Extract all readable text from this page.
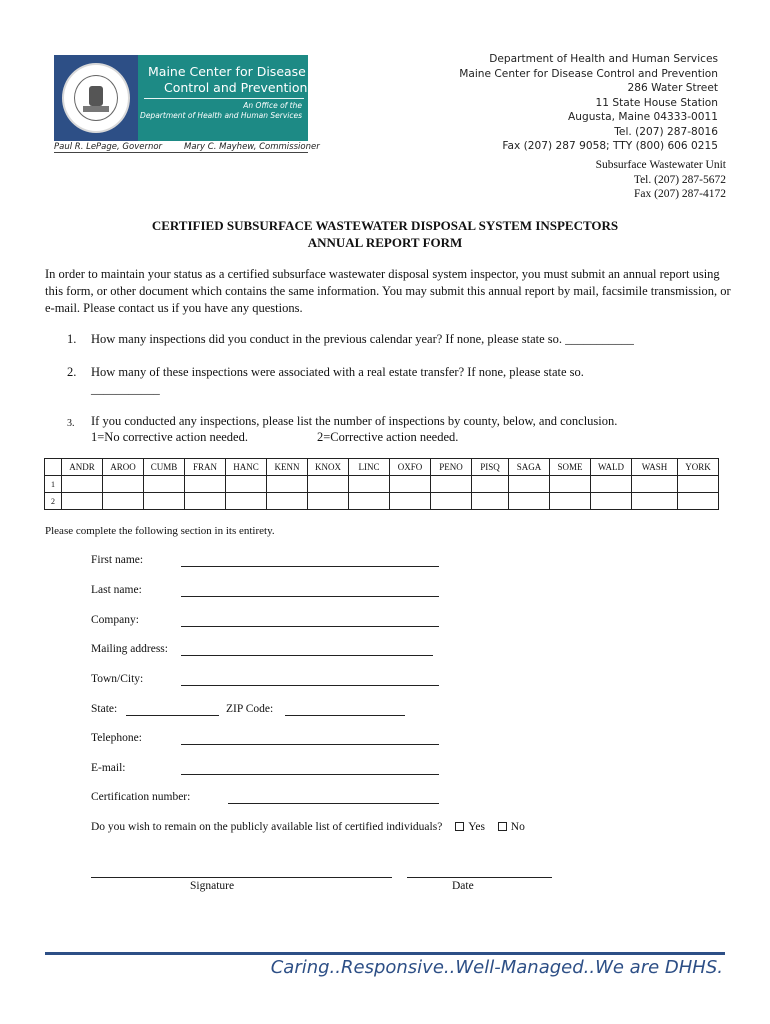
Maine Center for Disease
Control and Prevention
An Office of the
Department of Health and Human Services
Paul R. LePage, Governor	Mary C. Mayhew, Commissioner
Department of Health and Human Services
Maine Center for Disease Control and Prevention
286 Water Street
11 State House Station
Augusta, Maine 04333-0011
Tel. (207) 287-8016
Fax (207) 287 9058; TTY (800) 606 0215
Subsurface Wastewater Unit
Tel. (207) 287-5672
Fax (207) 287-4172
CERTIFIED SUBSURFACE WASTEWATER DISPOSAL SYSTEM INSPECTORS
ANNUAL REPORT FORM
In order to maintain your status as a certified subsurface wastewater disposal system inspector, you must submit an annual report using this form, or other document which contains the same information. You may submit this annual report by mail, facsimile transmission, or e-mail. Please contact us if you have any questions.
1. How many inspections did you conduct in the previous calendar year? If none, please state so. ___________
2. How many of these inspections were associated with a real estate transfer? If none, please state so.
___________
3. If you conducted any inspections, please list the number of inspections by county, below, and conclusion.
1=No corrective action needed.	2=Corrective action needed.
	ANDR	AROO	CUMB	FRAN	HANC	KENN	KNOX	LINC	OXFO	PENO	PISQ	SAGA	SOME	WALD	WASH	YORK
1																
2																
Please complete the following section in its entirety.
First name:
Last name:
Company:
Mailing address:
Town/City:
State:	ZIP Code:
Telephone:
E-mail:
Certification number:
Do you wish to remain on the publicly available list of certified individuals? Yes No
Signature	Date
Caring..Responsive..Well-Managed..We are DHHS.
